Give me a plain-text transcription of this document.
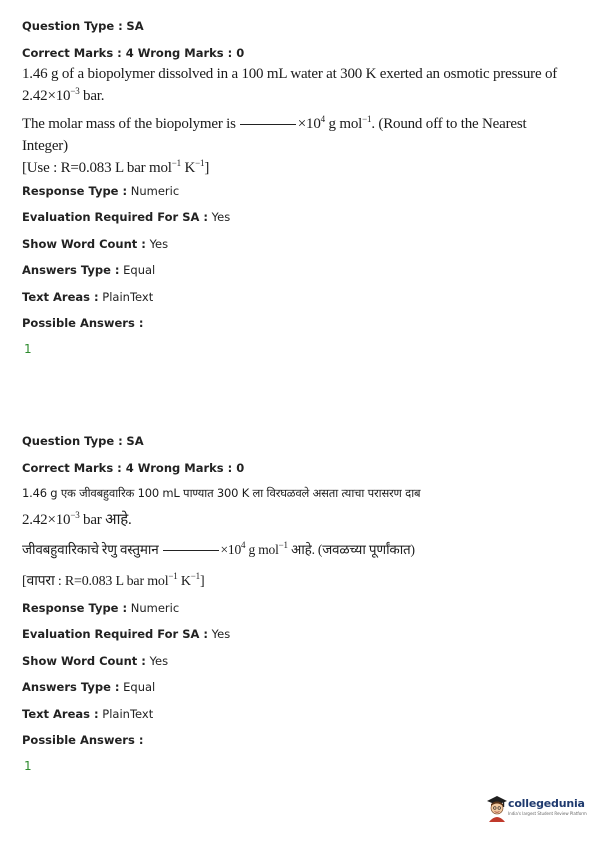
Question Type : SA
Correct Marks : 4 Wrong Marks : 0

1.46 g of a biopolymer dissolved in a 100 mL water at 300 K exerted an osmotic pressure of

$2.42\times 10^{-3}$ bar.

The molar mass of the biopolymer is	$\times 10^4$ g mol$^{-1}$. (Round off to the Nearest

Integer)

[Use : R=0.083 L bar mol$^{-1}$ $K^{-1}$]

Response Type : Numeric
Evaluation Required For SA : Yes
Show Word Count : Yes
Answers Type : Equal
Text Areas : PlainText
Possible Answers :
1
Question Type : SA
Correct Marks : 4 Wrong Marks : 0

1.46 g एक जीवबहुवारिक 100 mL पाण्यात 300 K ला विरघळवले असता त्याचा परासरण दाब

$2.42\times 10^{-3}$ bar आहे.

जीवबहुवारिकाचे रेणु वस्तुमान	$\times 10^4$ g mol$^{-1}$ आहे. (जवळच्या पूर्णांकात)

[वापरा : R=0.083 L bar mol$^{-1}$ $K^{-1}$]

Response Type : Numeric
Evaluation Required For SA : Yes
Show Word Count : Yes
Answers Type : Equal
Text Areas : PlainText
Possible Answers :
1
collegedunia
India's largest Student Review Platform
